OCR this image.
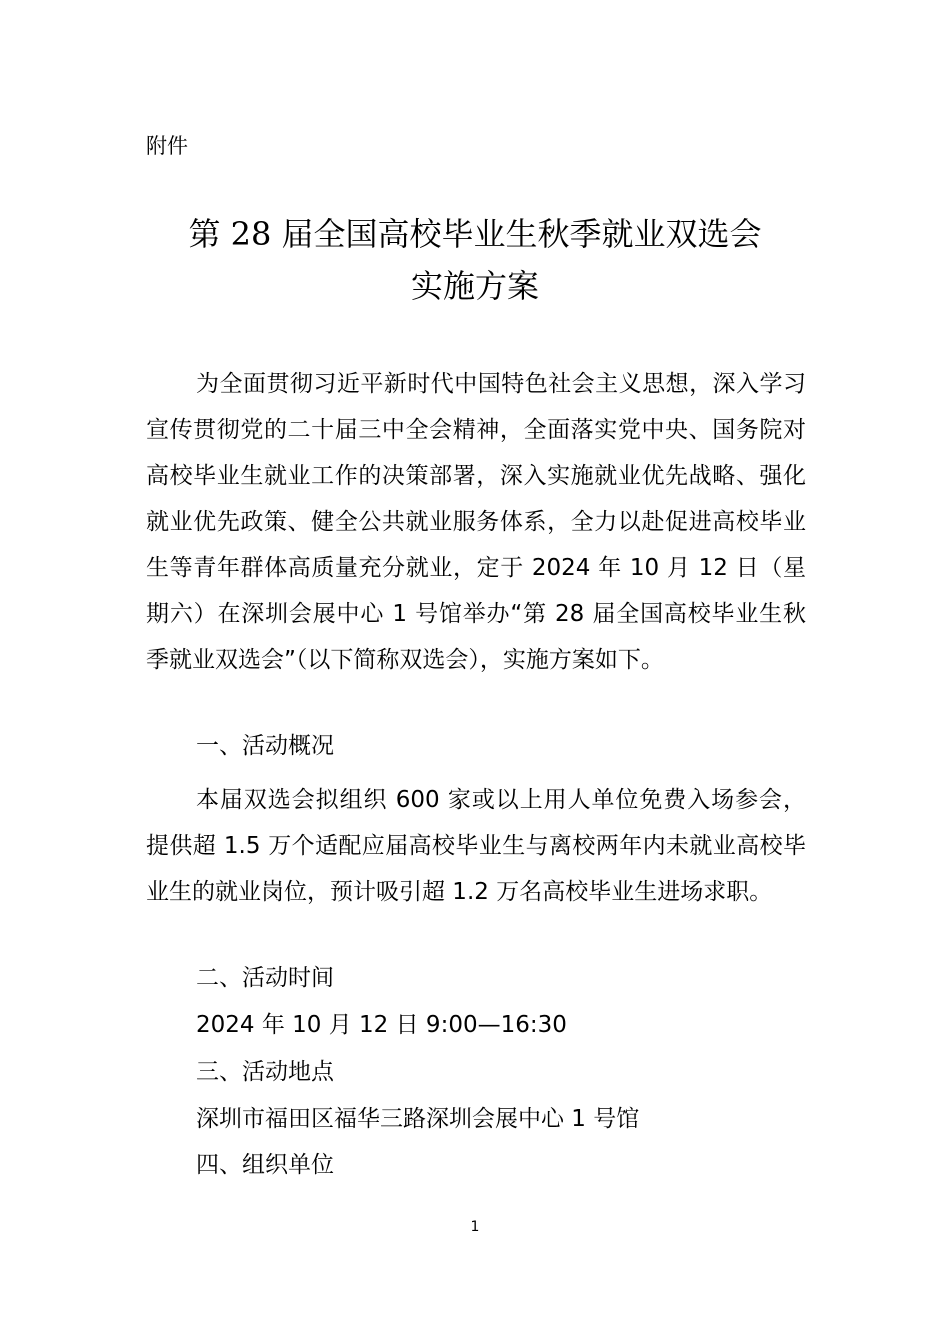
附件
第 28 届全国高校毕业生秋季就业双选会
实施方案

为全面贯彻习近平新时代中国特色社会主义思想，深入学习宣传贯彻党的二十届三中全会精神，全面落实党中央、国务院对高校毕业生就业工作的决策部署，深入实施就业优先战略、强化就业优先政策、健全公共就业服务体系，全力以赴促进高校毕业生等青年群体高质量充分就业，定于 2024 年 10 月 12 日（星期六）在深圳会展中心 1 号馆举办“第 28 届全国高校毕业生秋季就业双选会”（以下简称双选会），实施方案如下。

一、活动概况

本届双选会拟组织 600 家或以上用人单位免费入场参会，提供超 1.5 万个适配应届高校毕业生与离校两年内未就业高校毕业生的就业岗位，预计吸引超 1.2 万名高校毕业生进场求职。

二、活动时间
2024 年 10 月 12 日 9:00—16:30
三、活动地点
深圳市福田区福华三路深圳会展中心 1 号馆
四、组织单位
1
